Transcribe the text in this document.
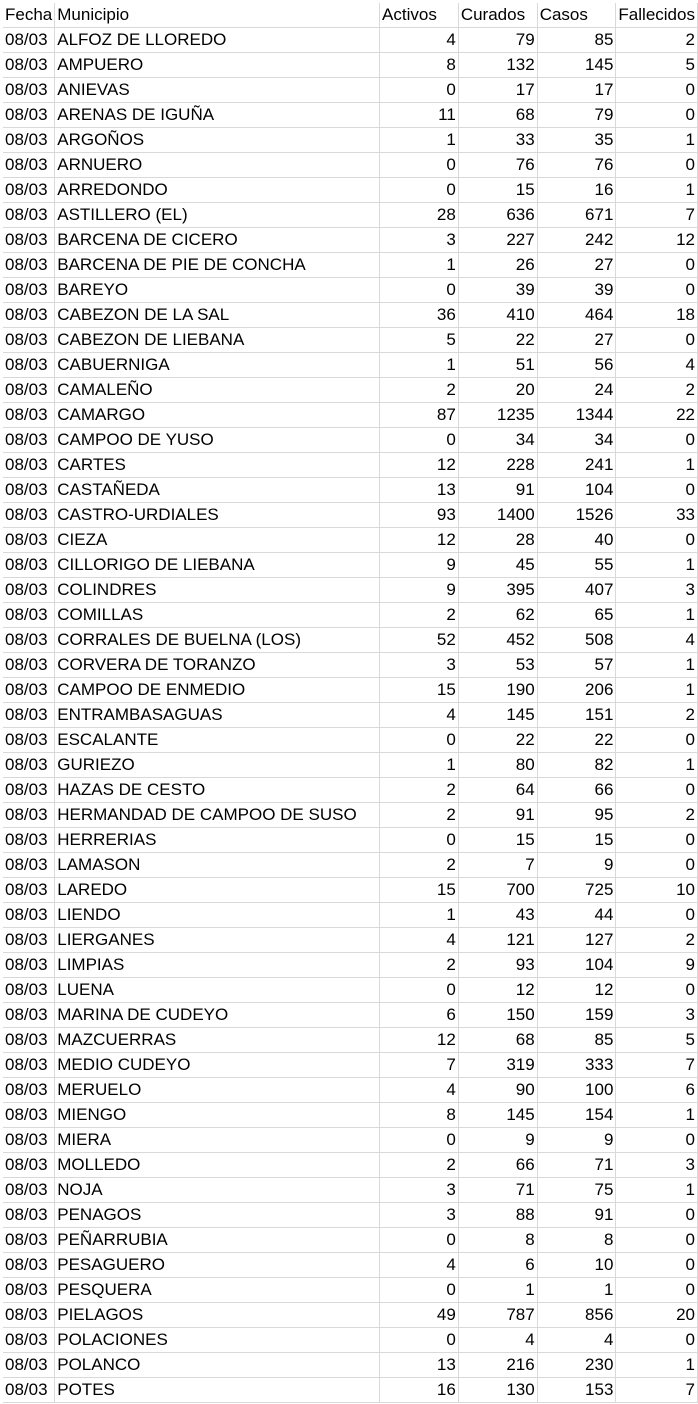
Fecha	Municipio	Activos	Curados	Casos	Fallecidos
08/03	ALFOZ DE LLOREDO	4	79	85	2
08/03	AMPUERO	8	132	145	5
08/03	ANIEVAS	0	17	17	0
08/03	ARENAS DE IGUÑA	11	68	79	0
08/03	ARGOÑOS	1	33	35	1
08/03	ARNUERO	0	76	76	0
08/03	ARREDONDO	0	15	16	1
08/03	ASTILLERO (EL)	28	636	671	7
08/03	BARCENA DE CICERO	3	227	242	12
08/03	BARCENA DE PIE DE CONCHA	1	26	27	0
08/03	BAREYO	0	39	39	0
08/03	CABEZON DE LA SAL	36	410	464	18
08/03	CABEZON DE LIEBANA	5	22	27	0
08/03	CABUERNIGA	1	51	56	4
08/03	CAMALEÑO	2	20	24	2
08/03	CAMARGO	87	1235	1344	22
08/03	CAMPOO DE YUSO	0	34	34	0
08/03	CARTES	12	228	241	1
08/03	CASTAÑEDA	13	91	104	0
08/03	CASTRO-URDIALES	93	1400	1526	33
08/03	CIEZA	12	28	40	0
08/03	CILLORIGO DE LIEBANA	9	45	55	1
08/03	COLINDRES	9	395	407	3
08/03	COMILLAS	2	62	65	1
08/03	CORRALES DE BUELNA (LOS)	52	452	508	4
08/03	CORVERA DE TORANZO	3	53	57	1
08/03	CAMPOO DE ENMEDIO	15	190	206	1
08/03	ENTRAMBASAGUAS	4	145	151	2
08/03	ESCALANTE	0	22	22	0
08/03	GURIEZO	1	80	82	1
08/03	HAZAS DE CESTO	2	64	66	0
08/03	HERMANDAD DE CAMPOO DE SUSO	2	91	95	2
08/03	HERRERIAS	0	15	15	0
08/03	LAMASON	2	7	9	0
08/03	LAREDO	15	700	725	10
08/03	LIENDO	1	43	44	0
08/03	LIERGANES	4	121	127	2
08/03	LIMPIAS	2	93	104	9
08/03	LUENA	0	12	12	0
08/03	MARINA DE CUDEYO	6	150	159	3
08/03	MAZCUERRAS	12	68	85	5
08/03	MEDIO CUDEYO	7	319	333	7
08/03	MERUELO	4	90	100	6
08/03	MIENGO	8	145	154	1
08/03	MIERA	0	9	9	0
08/03	MOLLEDO	2	66	71	3
08/03	NOJA	3	71	75	1
08/03	PENAGOS	3	88	91	0
08/03	PEÑARRUBIA	0	8	8	0
08/03	PESAGUERO	4	6	10	0
08/03	PESQUERA	0	1	1	0
08/03	PIELAGOS	49	787	856	20
08/03	POLACIONES	0	4	4	0
08/03	POLANCO	13	216	230	1
08/03	POTES	16	130	153	7
